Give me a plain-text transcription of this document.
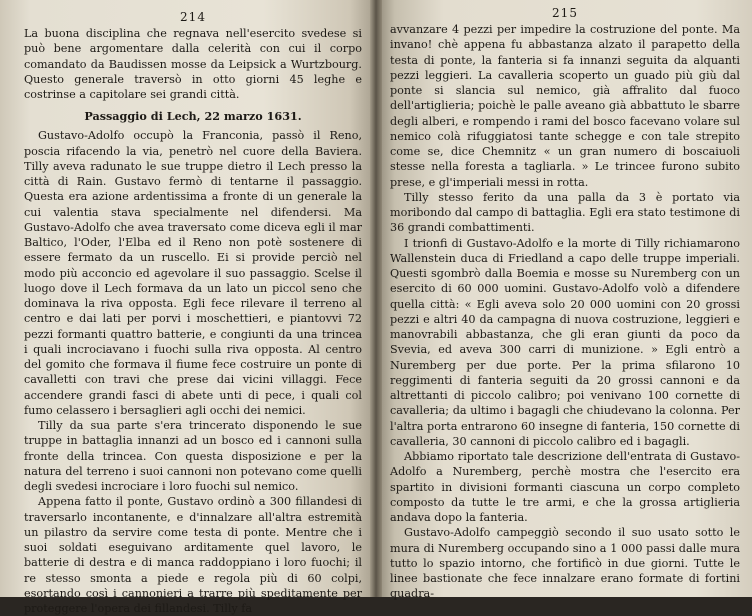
214

La buona disciplina che regnava nell'esercito svedese si può bene argomentare dalla celerità con cui il corpo comandato da Baudissen mosse da Leipsick a Wurtzbourg. Questo generale traversò in otto giorni 45 leghe e costrinse a capitolare sei grandi città.

Passaggio di Lech, 22 marzo 1631.

Gustavo-Adolfo occupò la Franconia, passò il Reno, poscia rifacendo la via, penetrò nel cuore della Baviera. Tilly aveva radunato le sue truppe dietro il Lech presso la città di Rain. Gustavo fermò di tentarne il passaggio. Questa era azione ardentissima a fronte di un generale la cui valentia stava specialmente nel difendersi. Ma Gustavo-Adolfo che avea traversato come dicevа egli il mar Baltico, l'Oder, l'Elba ed il Reno non potè sostenere di essere fermato da un ruscello. Ei si provide perciò nel modo più acconcio ed agevolare il suo passaggio. Scelse il luogo dove il Lech formava da un lato un piccol seno che dominava la riva opposta. Egli fece rilevare il terreno al centro e dai lati per porvi i moschettieri, e piantovvi 72 pezzi formanti quattro batterie, e congiunti da una trincea i quali incrociavano i fuochi sulla riva opposta. Al centro del gomito che formava il fiume fece costruire un ponte di cavalletti con travi che prese dai vicini villaggi. Fece accendere grandi fasci di abete unti di pece, i quali col fumo celassero i bersaglieri agli occhi dei nemici.

Tilly da sua parte s'era trincerato disponendo le sue truppe in battaglia innanzi ad un bosco ed i cannoni sulla fronte della trincea. Con questa disposizione e per la natura del terreno i suoi cannoni non potevano come quelli degli svedesi incrociare i loro fuochi sul nemico.

Appena fatto il ponte, Gustavo ordinò a 300 fillandesi di traversarlo incontanente, e d'innalzare all'altra estremità un pilastro da servire come testa di ponte. Mentre che i suoi soldati eseguivano arditamente quel lavoro, le batterie di destra e di manca raddoppiano i loro fuochi; il re stesso smonta a piede e regola più di 60 colpi, esortando così i cannonieri a trarre più speditamente per proteggere l'opera dei fillandesi. Tilly fa

215

avvanzare 4 pezzi per impedire la costruzione del ponte. Ma invano! chè appena fu abbastanza alzato il parapetto della testa di ponte, la fanteria si fa innanzi seguita da alquanti pezzi leggieri. La cavalleria scoperto un guado più giù dal ponte si slancia sul nemico, già affralito dal fuoco dell'artiglieria; poichè le palle aveano già abbattuto le sbarre degli alberi, e rompendo i rami del bosco facevano volare sul nemico colà rifuggiatosi tante schegge e con tale strepito come se, dice Chemnitz « un gran numero di boscaiuoli stesse nella foresta a tagliarla. » Le trincee furono subito prese, e gl'imperiali messi in rotta.

Tilly stesso ferito da una palla da 3 è portato via moribondo dal campo di battaglia. Egli era stato testimone di 36 grandi combattimenti.

I trionfi di Gustavo-Adolfo e la morte di Tilly richiamarono Wallenstein duca di Friedland a capo delle truppe imperiali. Questi sgombrò dalla Boemia e mosse su Nuremberg con un esercito di 60 000 uomini. Gustavo-Adolfo volò a difendere quella città: « Egli aveva solo 20 000 uomini con 20 grossi pezzi e altri 40 da campagna di nuova costruzione, leggieri e manovrabili abbastanza, che gli eran giunti da poco da Svevia, ed aveva 300 carri di munizione. » Egli entrò a Nuremberg per due porte. Per la prima sfilarono 10 reggimenti di fanteria seguiti da 20 grossi cannoni e da altrettanti di piccolo calibro; poi venivano 100 cornette di cavalleria; da ultimo i bagagli che chiudevano la colonna. Per l'altra porta entrarono 60 insegne di fanteria, 150 cornette di cavalleria, 30 cannoni di piccolo calibro ed i bagagli.

Abbiamo riportato tale descrizione dell'entrata di Gustavo-Adolfo a Nuremberg, perchè mostra che l'esercito era spartito in divisioni formanti ciascuna un corpo completo composto da tutte le tre armi, e che la grossa artiglieria andava dopo la fanteria.

Gustavo-Adolfo campeggiò secondo il suo usato sotto le mura di Nuremberg occupando sino a 1 000 passi dalle mura tutto lo spazio intorno, che fortificò in due giorni. Tutte le linee bastionate che fece innalzare erano formate di fortini quadra-
